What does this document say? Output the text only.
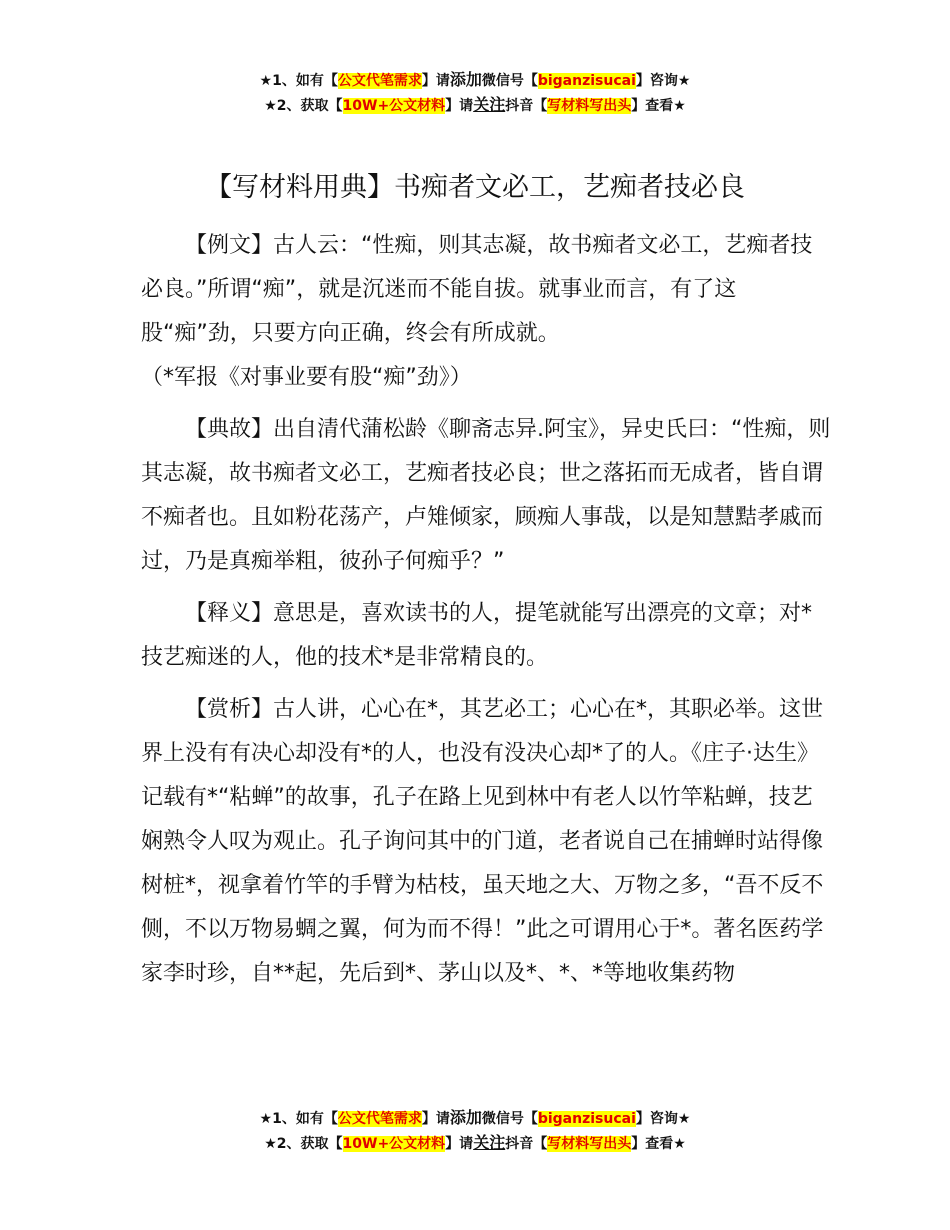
★1、如有【公文代笔需求】请添加微信号【biganzisucai】咨询★
★2、获取【10W+公文材料】请关注抖音【写材料写出头】查看★
【写材料用典】书痴者文必工，艺痴者技必良

【例文】古人云：“性痴，则其志凝，故书痴者文必工，艺痴者技必良。”所谓“痴”，就是沉迷而不能自拔。就事业而言，有了这股“痴”劲，只要方向正确，终会有所成就。
（*军报《对事业要有股“痴”劲》）

【典故】出自清代蒲松龄《聊斋志异.阿宝》，异史氏曰：“性痴，则其志凝，故书痴者文必工，艺痴者技必良；世之落拓而无成者，皆自谓不痴者也。且如粉花荡产，卢雉倾家，顾痴人事哉，以是知慧黠孝戚而过，乃是真痴举粗，彼孙子何痴乎？”

【释义】意思是，喜欢读书的人，提笔就能写出漂亮的文章；对*技艺痴迷的人，他的技术*是非常精良的。

【赏析】古人讲，心心在*，其艺必工；心心在*，其职必举。这世界上没有有决心却没有*的人，也没有没决心却*了的人。《庄子·达生》记载有*“粘蝉”的故事，孔子在路上见到林中有老人以竹竿粘蝉，技艺娴熟令人叹为观止。孔子询问其中的门道，老者说自己在捕蝉时站得像树桩*，视拿着竹竿的手臂为枯枝，虽天地之大、万物之多，“吾不反不侧，不以万物易蜩之翼，何为而不得！”此之可谓用心于*。著名医药学家李时珍，自**起，先后到*、茅山以及*、*、*等地收集药物

★1、如有【公文代笔需求】请添加微信号【biganzisucai】咨询★
★2、获取【10W+公文材料】请关注抖音【写材料写出头】查看★
